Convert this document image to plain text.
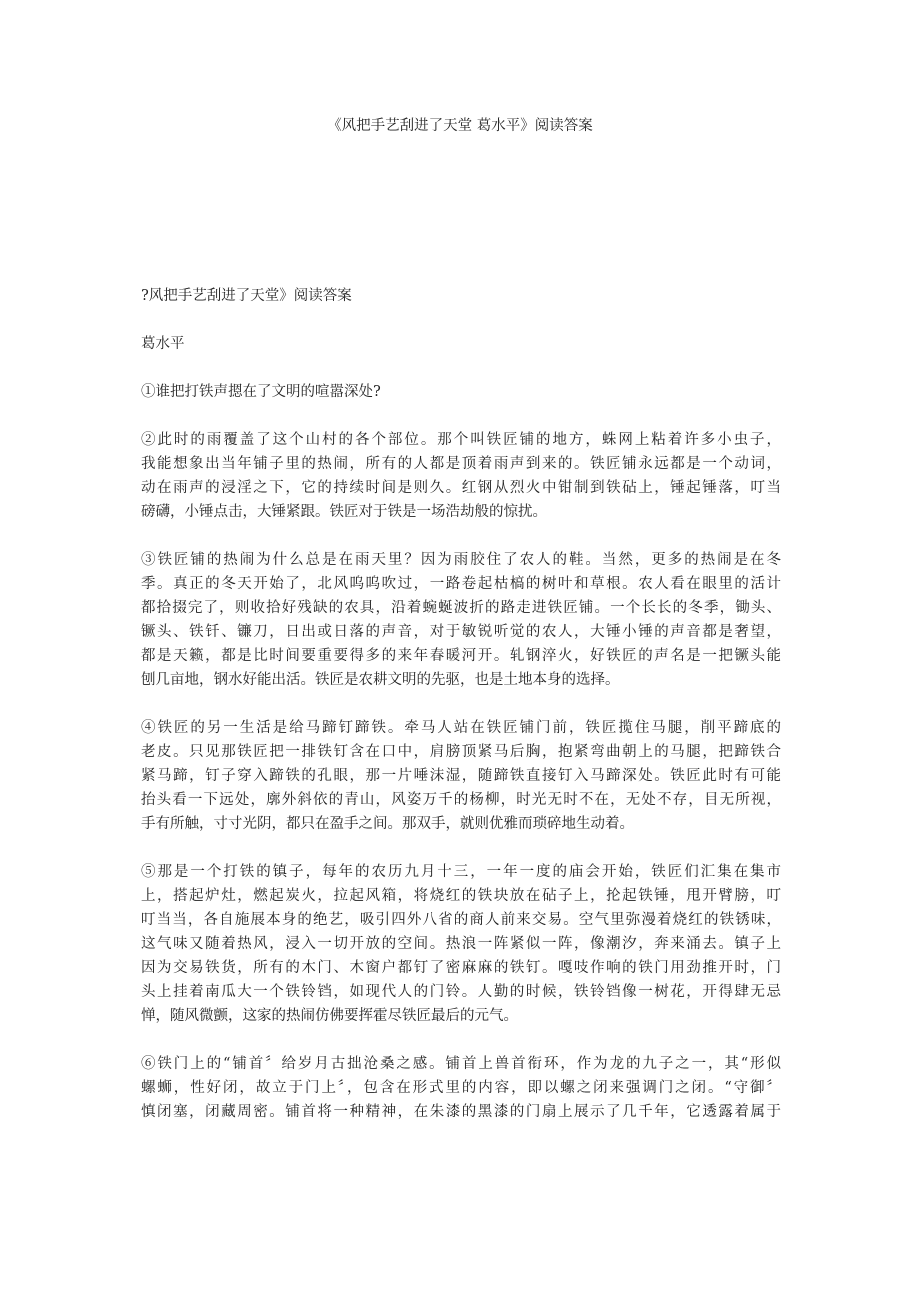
《风把手艺刮进了天堂 葛水平》阅读答案
?风把手艺刮进了天堂》阅读答案
葛水平
①谁把打铁声摁在了文明的喧嚣深处?
②此时的雨覆盖了这个山村的各个部位。那个叫铁匠铺的地方，蛛网上粘着许多小虫子，
我能想象出当年铺子里的热闹，所有的人都是顶着雨声到来的。铁匠铺永远都是一个动词，
动在雨声的浸淫之下，它的持续时间是则久。红钢从烈火中钳制到铁砧上，锤起锤落，叮当
磅礴，小锤点击，大锤紧跟。铁匠对于铁是一场浩劫般的惊扰。
③铁匠铺的热闹为什么总是在雨天里？因为雨胶住了农人的鞋。当然，更多的热闹是在冬
季。真正的冬天开始了，北风呜呜吹过，一路卷起枯槁的树叶和草根。农人看在眼里的活计
都拾掇完了，则收拾好残缺的农具，沿着蜿蜒波折的路走进铁匠铺。一个长长的冬季，锄头、
镢头、铁钎、镰刀，日出或日落的声音，对于敏锐听觉的农人，大锤小锤的声音都是奢望，
都是天籁，都是比时间要重要得多的来年春暖河开。轧钢淬火，好铁匠的声名是一把镢头能
刨几亩地，钢水好能出活。铁匠是农耕文明的先驱，也是土地本身的选择。
④铁匠的另一生活是给马蹄钉蹄铁。牵马人站在铁匠铺门前，铁匠揽住马腿，削平蹄底的
老皮。只见那铁匠把一排铁钉含在口中，肩膀顶紧马后胸，抱紧弯曲朝上的马腿，把蹄铁合
紧马蹄，钉子穿入蹄铁的孔眼，那一片唾沫湿，随蹄铁直接钉入马蹄深处。铁匠此时有可能
抬头看一下远处，廓外斜依的青山，风姿万千的杨柳，时光无时不在，无处不存，目无所视，
手有所触，寸寸光阴，都只在盈手之间。那双手，就则优雅而琐碎地生动着。
⑤那是一个打铁的镇子，每年的农历九月十三，一年一度的庙会开始，铁匠们汇集在集市
上，搭起炉灶，燃起炭火，拉起风箱，将烧红的铁块放在砧子上，抡起铁锤，甩开臂膀，叮
叮当当，各自施展本身的绝艺，吸引四外八省的商人前来交易。空气里弥漫着烧红的铁锈味，
这气味又随着热风，浸入一切开放的空间。热浪一阵紧似一阵，像潮汐，奔来涌去。镇子上
因为交易铁货，所有的木门、木窗户都钉了密麻麻的铁钉。嘎吱作响的铁门用劲推开时，门
头上挂着南瓜大一个铁铃铛，如现代人的门铃。人勤的时候，铁铃铛像一树花，开得肆无忌
惮，随风微颤，这家的热闹仿佛要挥霍尽铁匠最后的元气。
⑥铁门上的“铺首〞给岁月古拙沧桑之感。铺首上兽首衔环，作为龙的九子之一，其“形似
螺蛳，性好闭，故立于门上〞，包含在形式里的内容，即以螺之闭来强调门之闭。“守御〞
慎闭塞，闭藏周密。铺首将一种精神，在朱漆的黑漆的门扇上展示了几千年，它透露着属于
